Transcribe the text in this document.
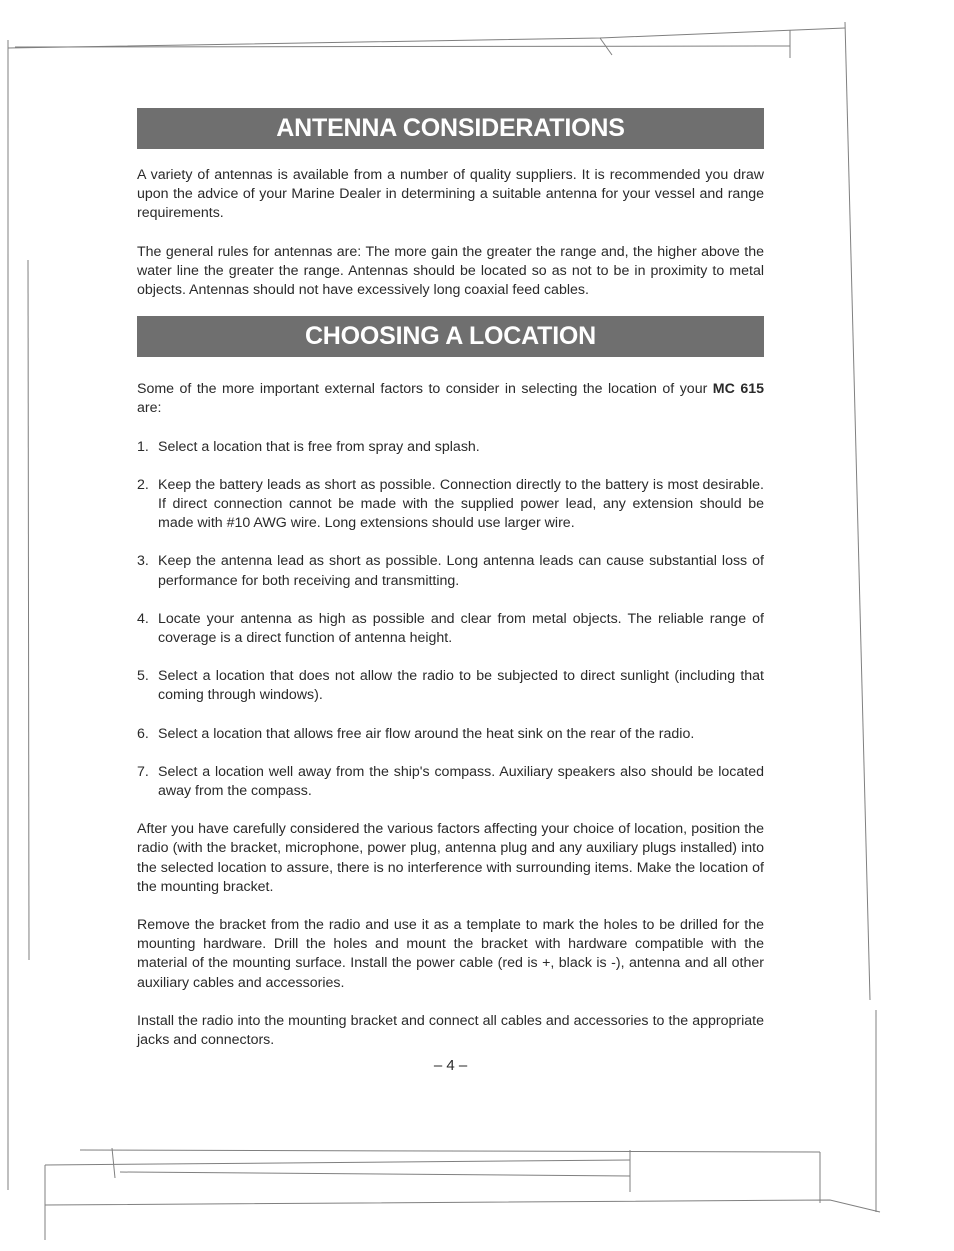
ANTENNA CONSIDERATIONS

A variety of antennas is available from a number of quality suppliers. It is recommended you draw upon the advice of your Marine Dealer in determining a suitable antenna for your vessel and range requirements.

The general rules for antennas are: The more gain the greater the range and, the higher above the water line the greater the range. Antennas should be located so as not to be in proximity to metal objects. Antennas should not have excessively long coaxial feed cables.

CHOOSING A LOCATION

Some of the more important external factors to consider in selecting the location of your MC 615 are:

1. Select a location that is free from spray and splash.
2. Keep the battery leads as short as possible. Connection directly to the battery is most desirable. If direct connection cannot be made with the supplied power lead, any extension should be made with #10 AWG wire. Long extensions should use larger wire.
3. Keep the antenna lead as short as possible. Long antenna leads can cause substantial loss of performance for both receiving and transmitting.
4. Locate your antenna as high as possible and clear from metal objects. The reliable range of coverage is a direct function of antenna height.
5. Select a location that does not allow the radio to be subjected to direct sunlight (including that coming through windows).
6. Select a location that allows free air flow around the heat sink on the rear of the radio.
7. Select a location well away from the ship's compass. Auxiliary speakers also should be located away from the compass.

After you have carefully considered the various factors affecting your choice of location, position the radio (with the bracket, microphone, power plug, antenna plug and any auxiliary plugs installed) into the selected location to assure, there is no interference with surrounding items. Make the location of the mounting bracket.

Remove the bracket from the radio and use it as a template to mark the holes to be drilled for the mounting hardware. Drill the holes and mount the bracket with hardware compatible with the material of the mounting surface. Install the power cable (red is +, black is -), antenna and all other auxiliary cables and accessories.

Install the radio into the mounting bracket and connect all cables and accessories to the appropriate jacks and connectors.

– 4 –
